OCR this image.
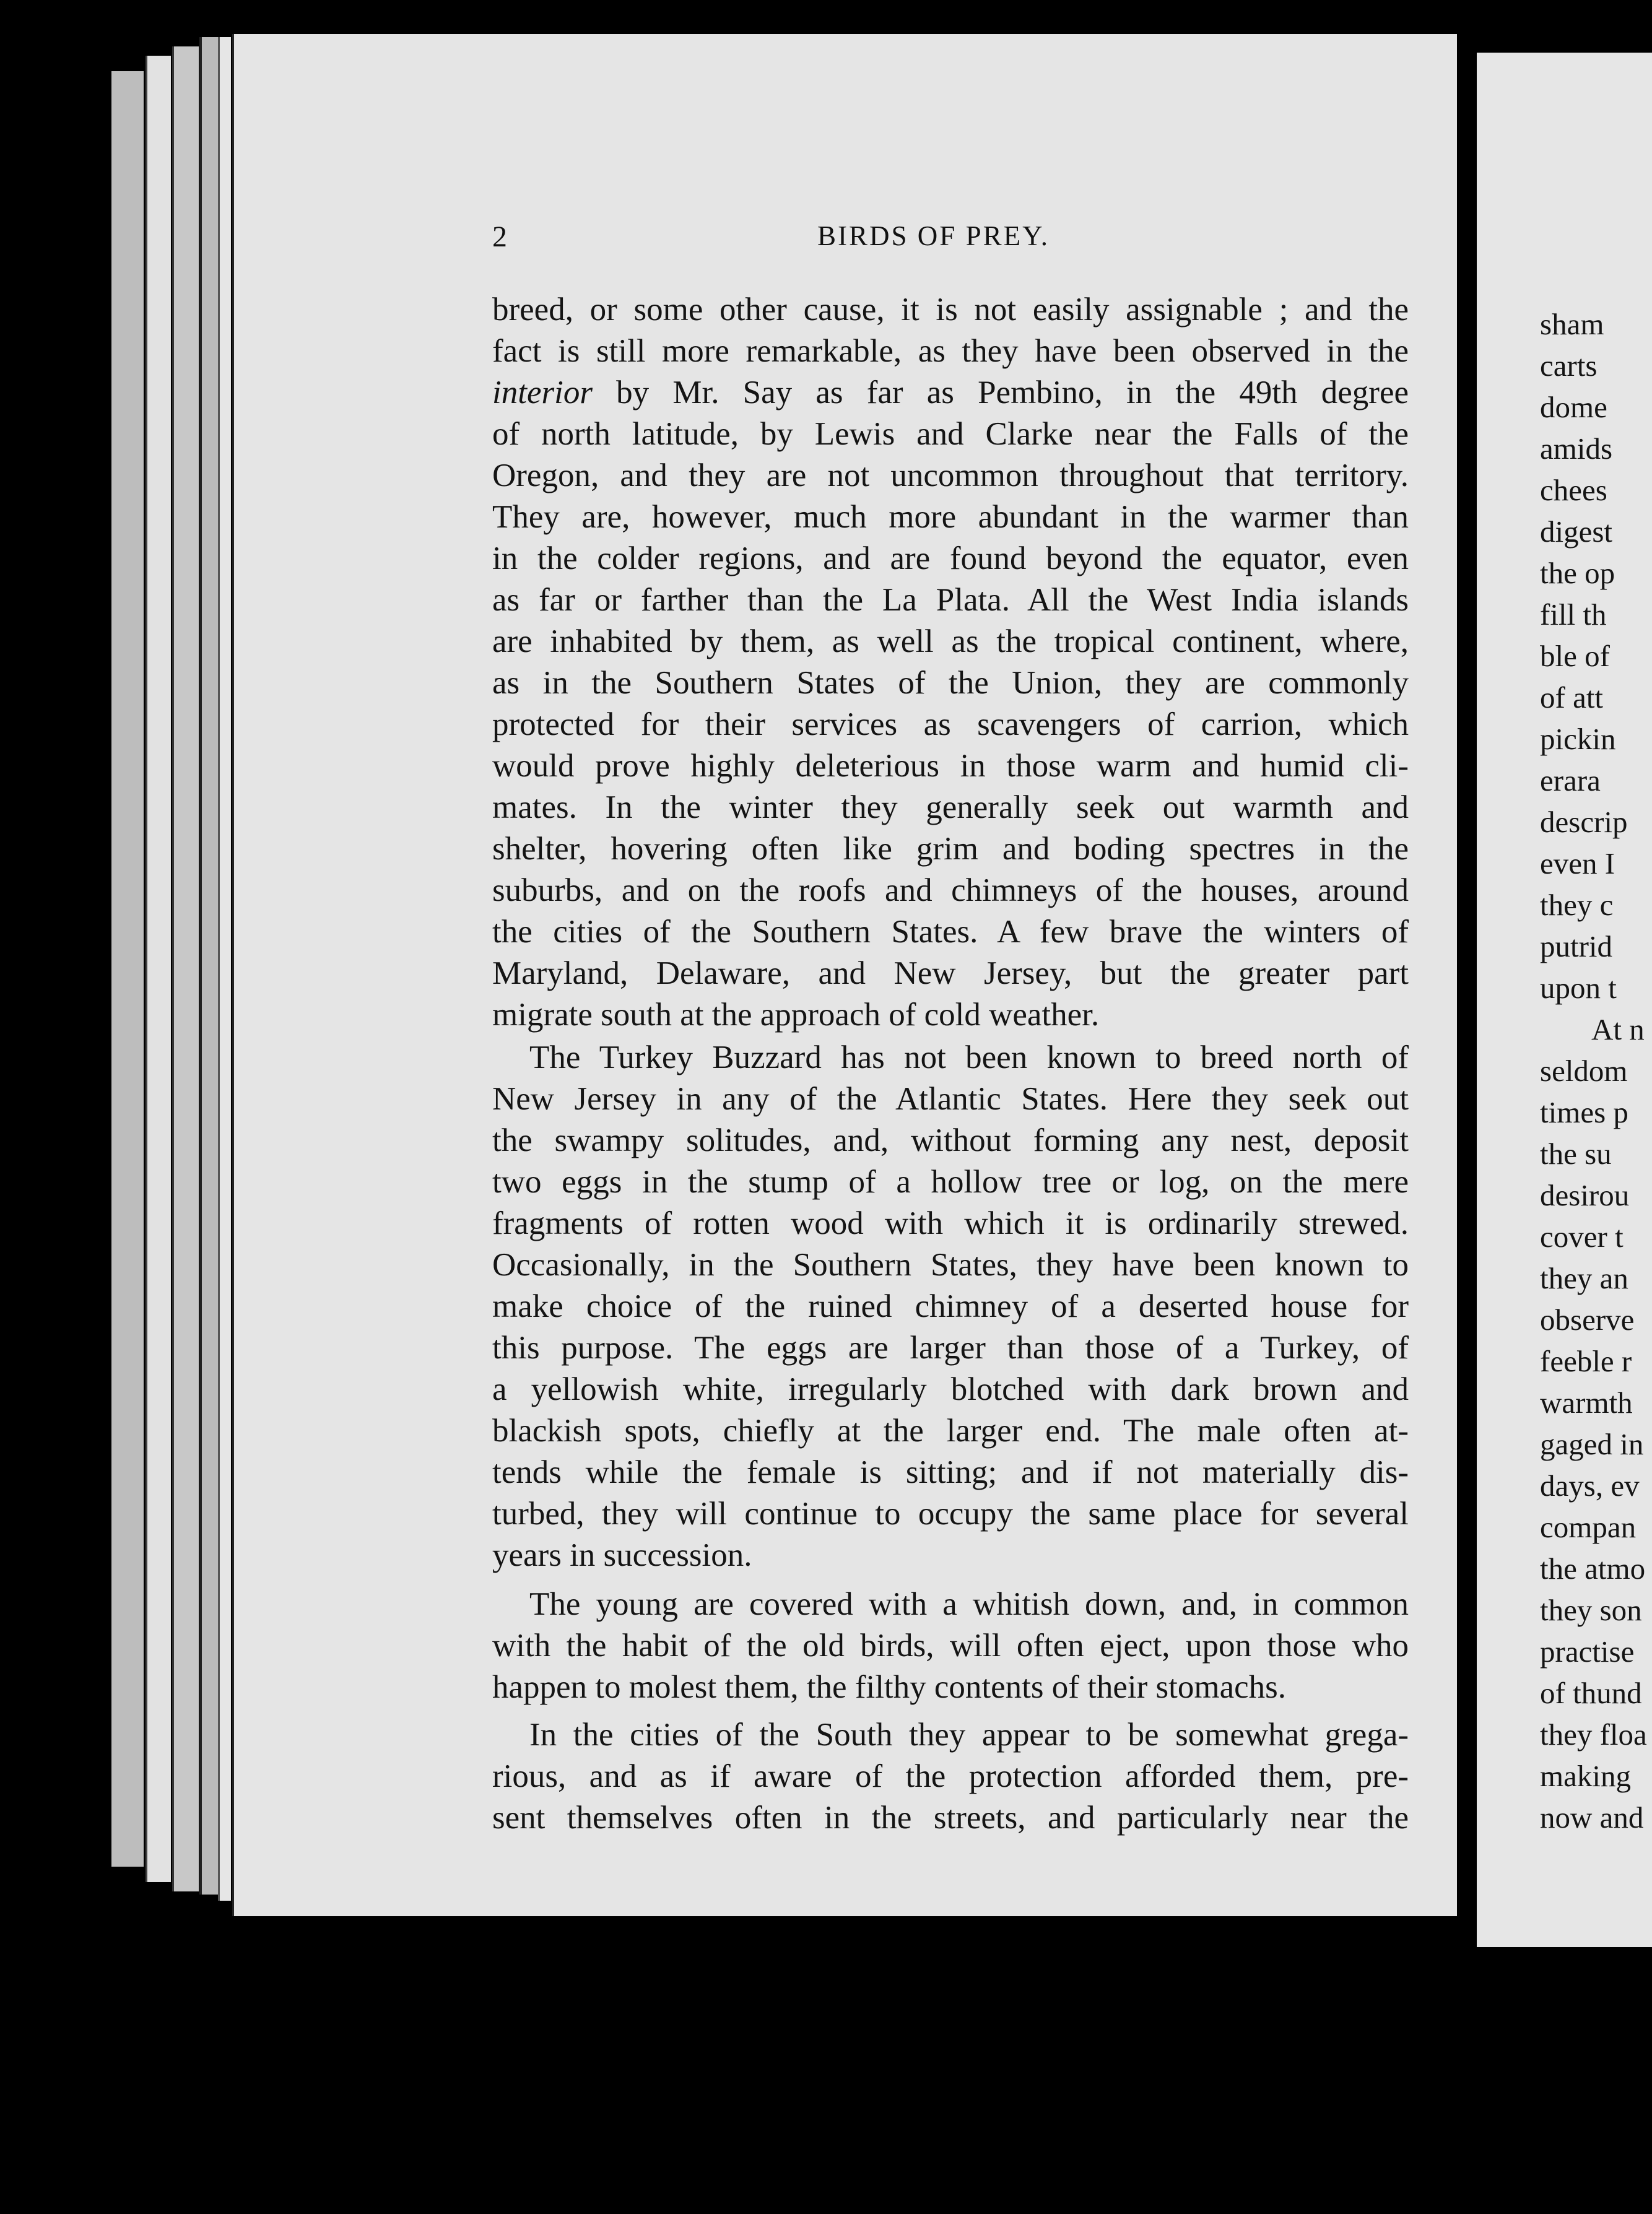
2	BIRDS OF PREY.

breed, or some other cause, it is not easily assignable ; and the

fact is still more remarkable, as they have been observed in the

interior by Mr. Say as far as Pembino, in the 49th degree

of north latitude, by Lewis and Clarke near the Falls of the

Oregon, and they are not uncommon throughout that territory.

They are, however, much more abundant in the warmer than

in the colder regions, and are found beyond the equator, even

as far or farther than the La Plata. All the West India islands

are inhabited by them, as well as the tropical continent, where,

as in the Southern States of the Union, they are commonly

protected for their services as scavengers of carrion, which

would prove highly deleterious in those warm and humid cli-

mates. In the winter they generally seek out warmth and

shelter, hovering often like grim and boding spectres in the

suburbs, and on the roofs and chimneys of the houses, around

the cities of the Southern States. A few brave the winters of

Maryland, Delaware, and New Jersey, but the greater part

migrate south at the approach of cold weather.

The Turkey Buzzard has not been known to breed north of

New Jersey in any of the Atlantic States. Here they seek out

the swampy solitudes, and, without forming any nest, deposit

two eggs in the stump of a hollow tree or log, on the mere

fragments of rotten wood with which it is ordinarily strewed.

Occasionally, in the Southern States, they have been known to

make choice of the ruined chimney of a deserted house for

this purpose. The eggs are larger than those of a Turkey, of

a yellowish white, irregularly blotched with dark brown and

blackish spots, chiefly at the larger end. The male often at-

tends while the female is sitting; and if not materially dis-

turbed, they will continue to occupy the same place for several

years in succession.

The young are covered with a whitish down, and, in common

with the habit of the old birds, will often eject, upon those who

happen to molest them, the filthy contents of their stomachs.

In the cities of the South they appear to be somewhat grega-

rious, and as if aware of the protection afforded them, pre-

sent themselves often in the streets, and particularly near the

sham

carts

dome

amids

chees

digest

the op

fill th

ble of

of att

pickin

erara

descrip

even I

they c

putrid

upon t

At n

seldom

times p

the su

desirou

cover t

they an

observe

feeble r

warmth

gaged in

days, ev

compan

the atmo

they son

practise

of thund

they floa

making

now and
